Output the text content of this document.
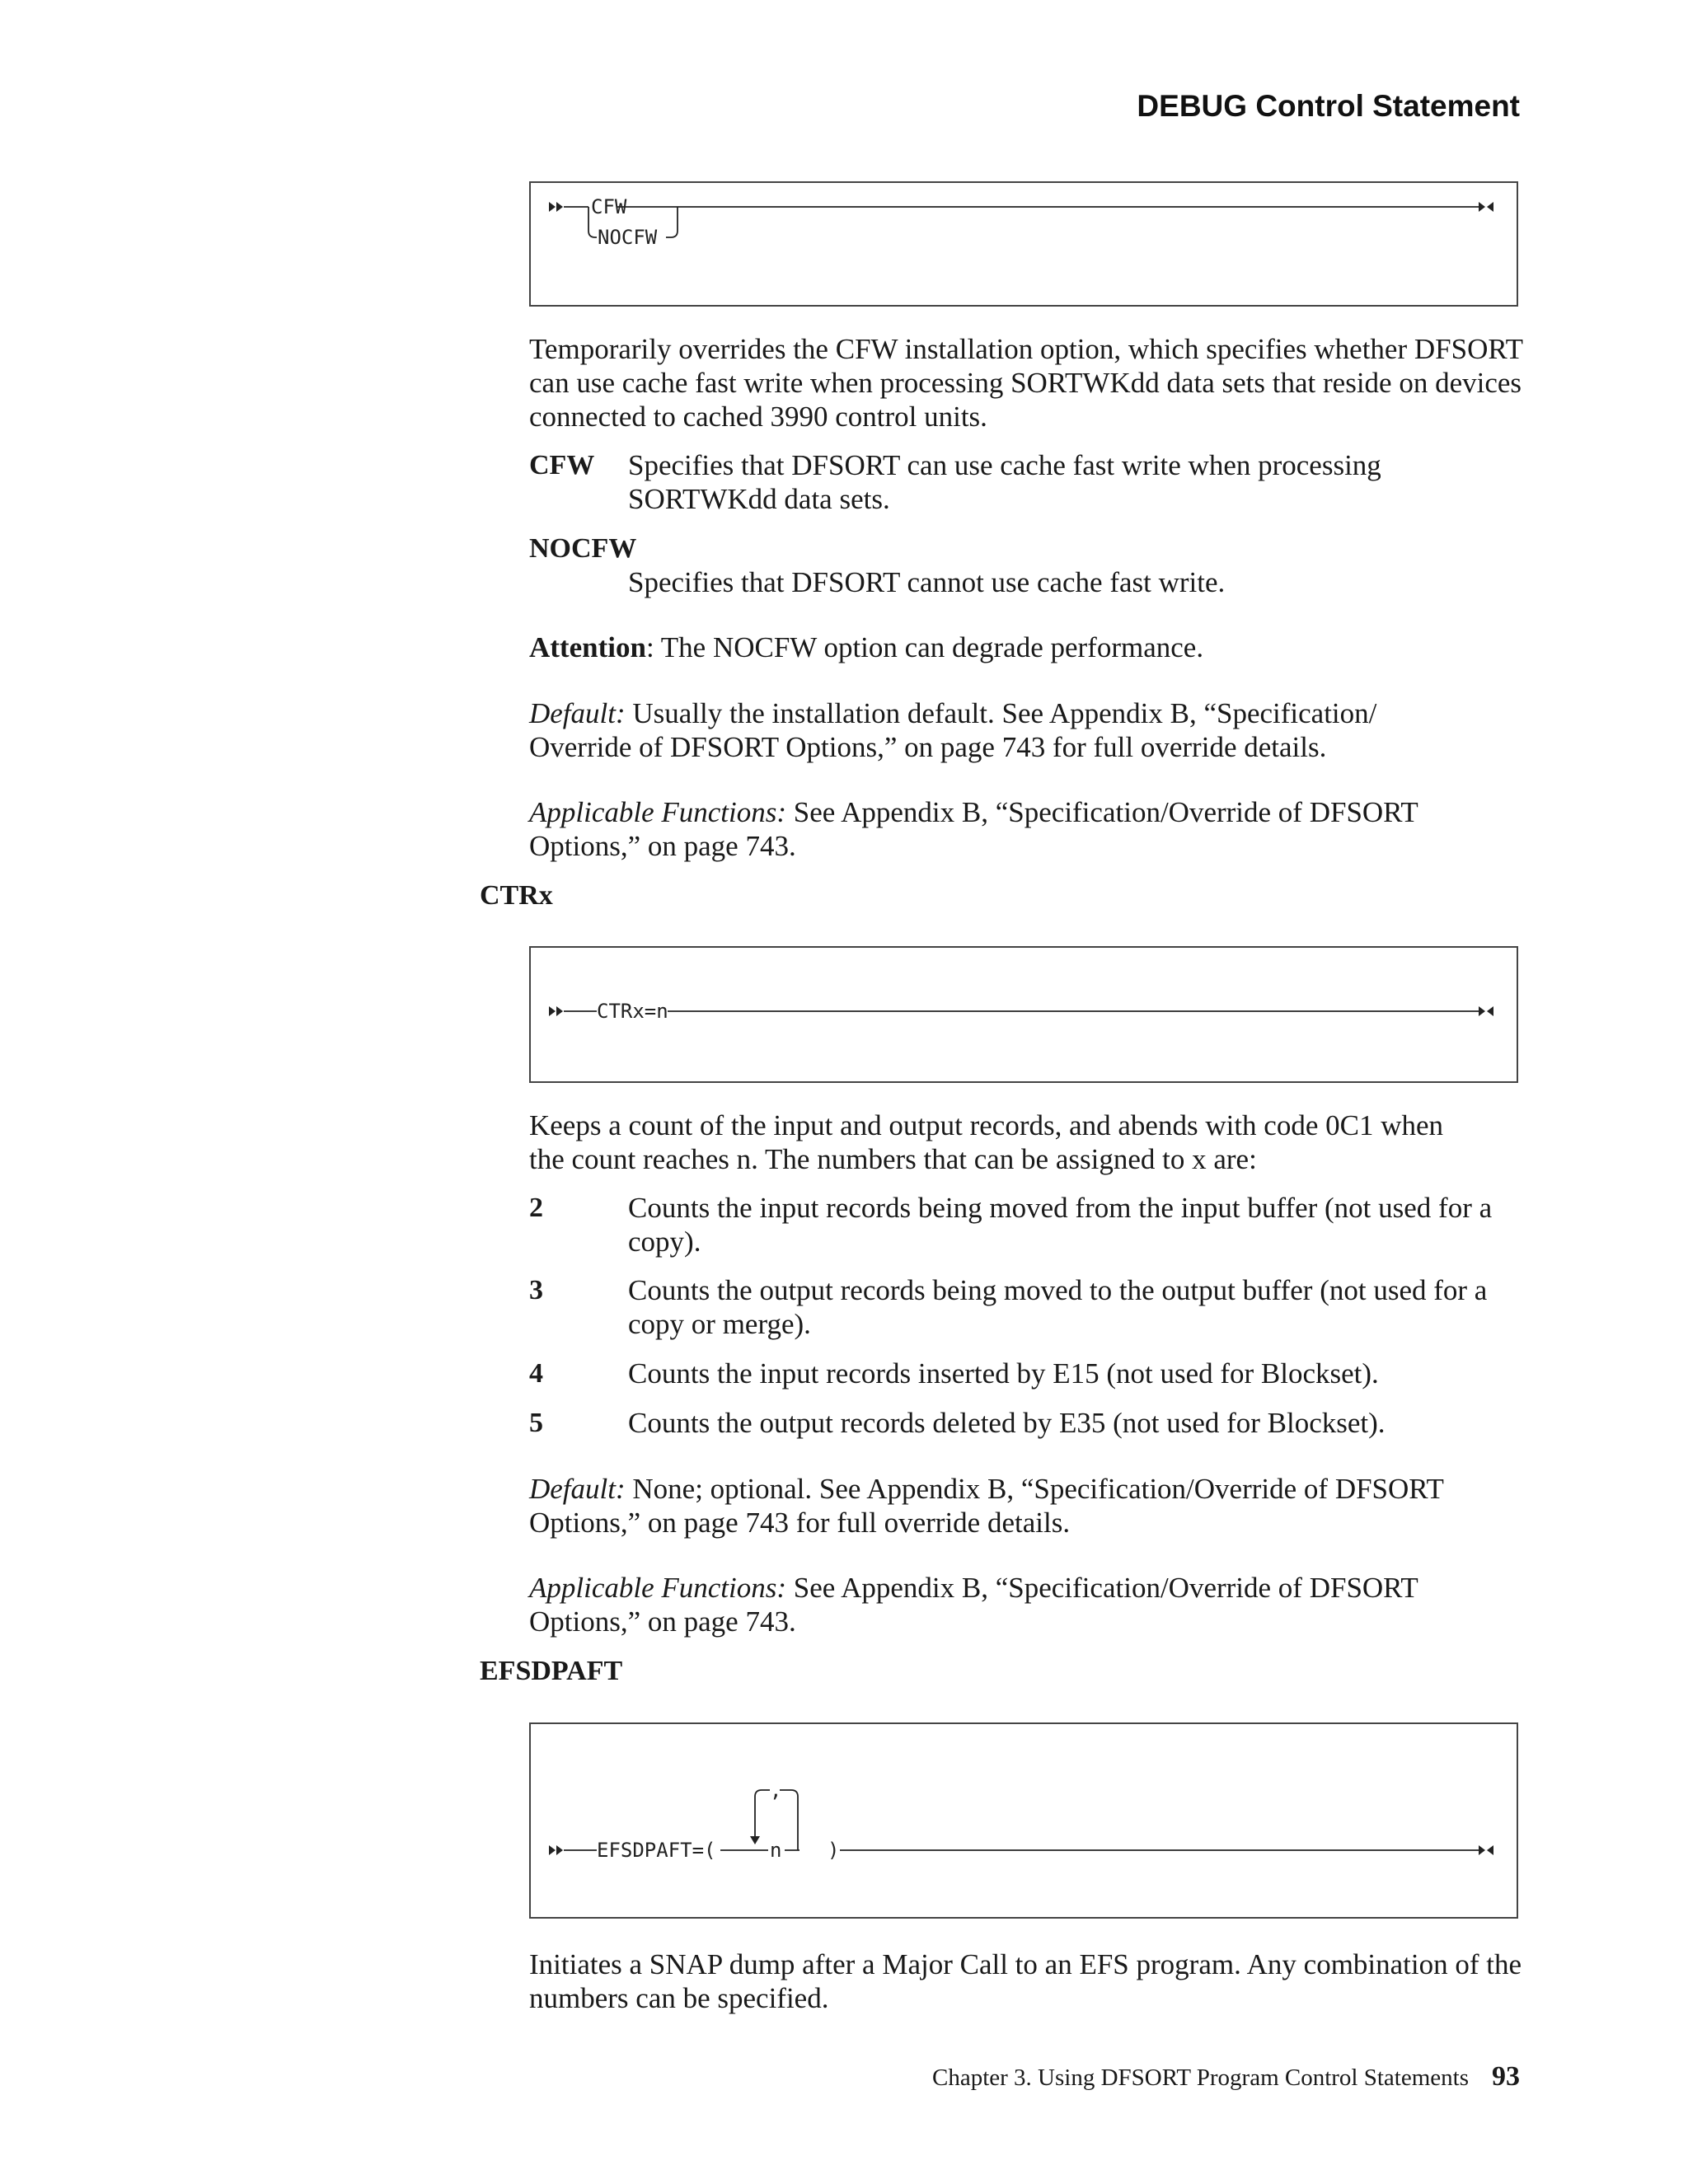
DEBUG Control Statement
CFW
NOCFW

Temporarily overrides the CFW installation option, which specifies whether DFSORT can use cache fast write when processing SORTWKdd data sets that reside on devices connected to cached 3990 control units.

CFW Specifies that DFSORT can use cache fast write when processing SORTWKdd data sets.

NOCFW

Specifies that DFSORT cannot use cache fast write.

Attention: The NOCFW option can degrade performance.

Default: Usually the installation default. See Appendix B, “Specification/ Override of DFSORT Options,” on page 743 for full override details.

Applicable Functions: See Appendix B, “Specification/Override of DFSORT Options,” on page 743.

CTRx
CTRx=n

Keeps a count of the input and output records, and abends with code 0C1 when the count reaches n. The numbers that can be assigned to x are:

2	Counts the input records being moved from the input buffer (not used for a copy).

3	Counts the output records being moved to the output buffer (not used for a copy or merge).

4	Counts the input records inserted by E15 (not used for Blockset).

5	Counts the output records deleted by E35 (not used for Blockset).

Default: None; optional. See Appendix B, “Specification/Override of DFSORT Options,” on page 743 for full override details.

Applicable Functions: See Appendix B, “Specification/Override of DFSORT Options,” on page 743.

EFSDPAFT
EFSDPAFT=(
,
n )

Initiates a SNAP dump after a Major Call to an EFS program. Any combination of the numbers can be specified.

Chapter 3. Using DFSORT Program Control Statements 93
